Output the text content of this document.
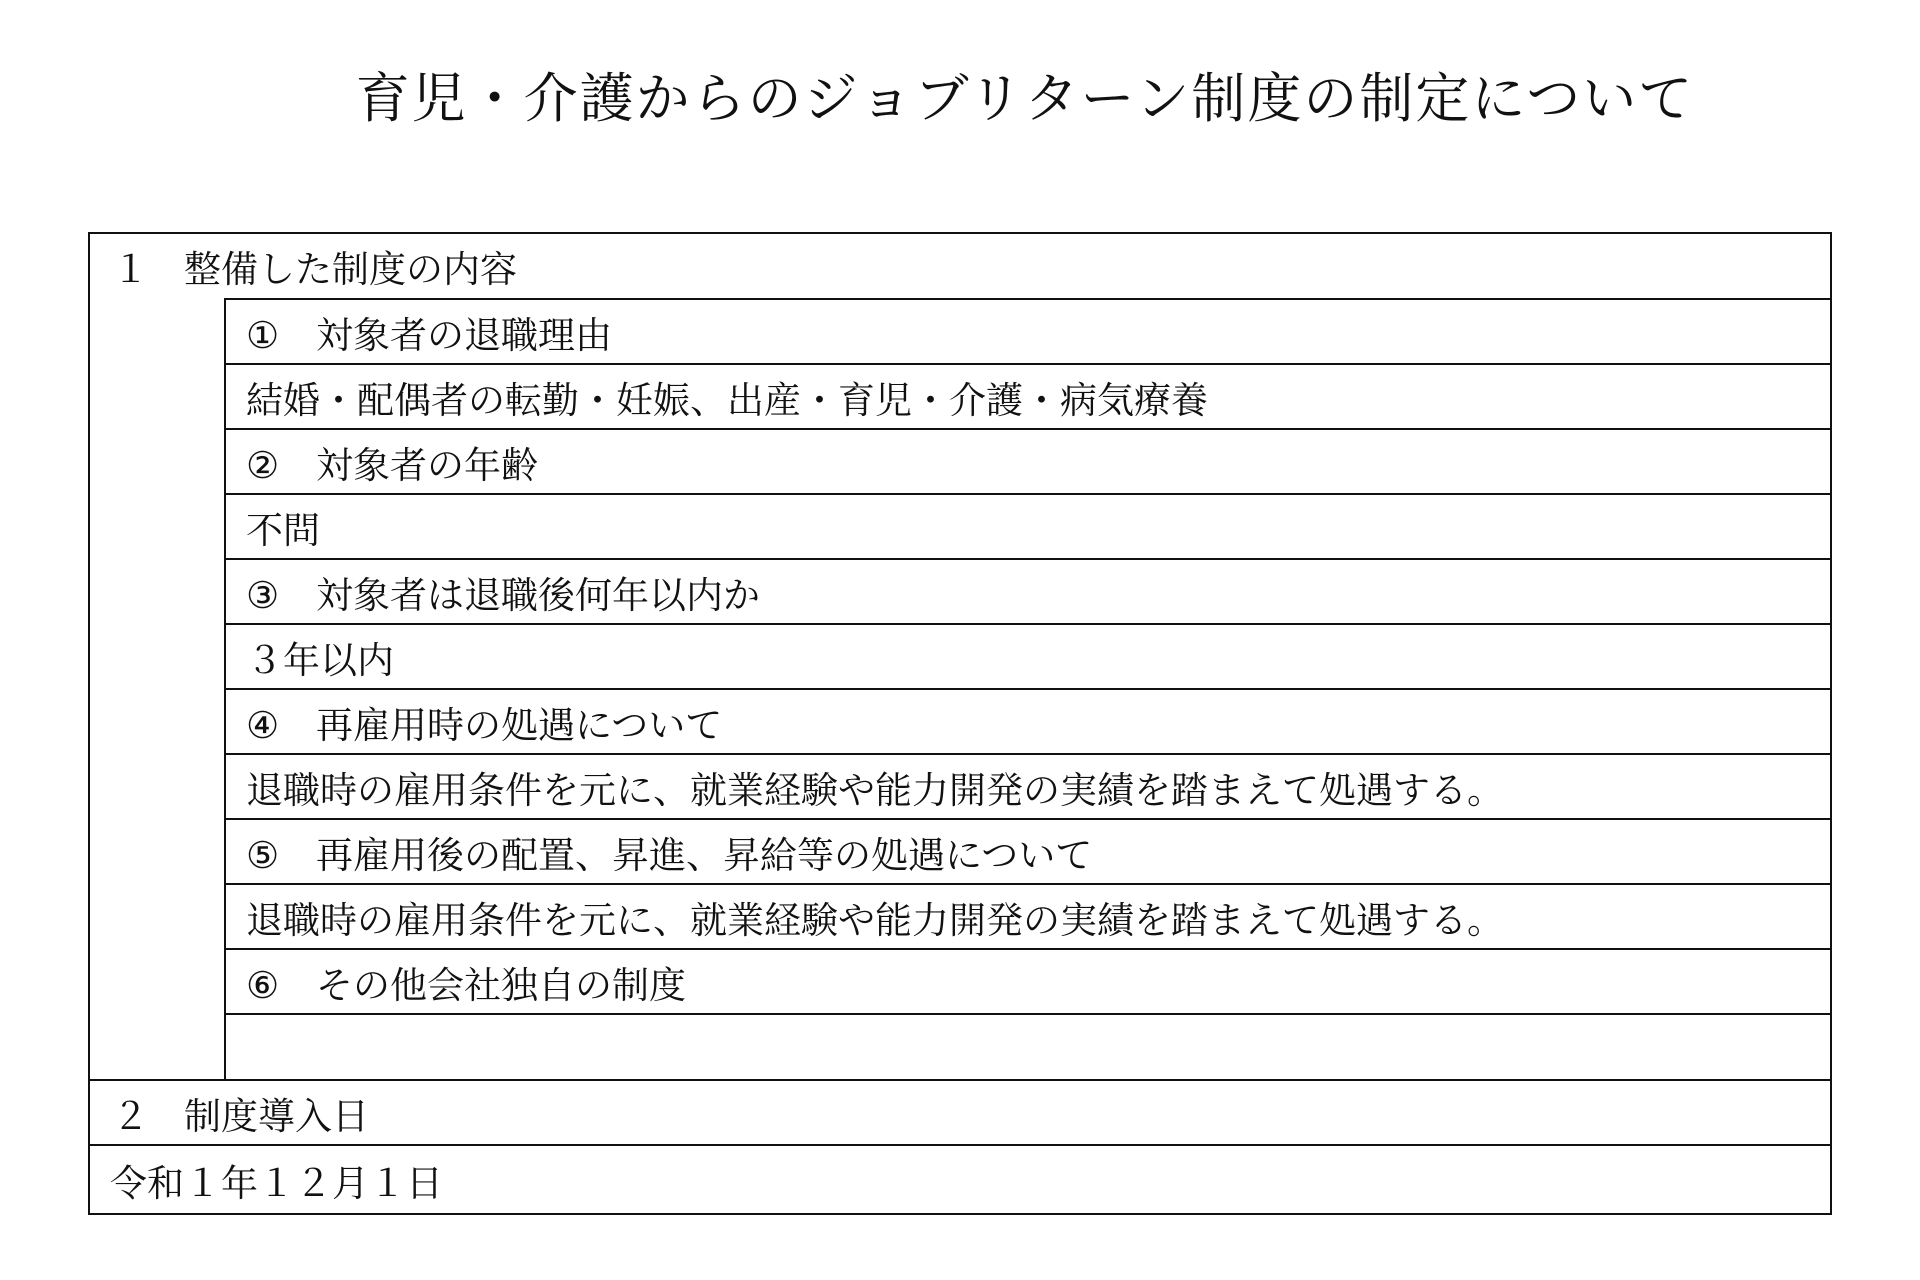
育児・介護からのジョブリターン制度の制定について
１ 整備した制度の内容
① 対象者の退職理由
結婚・配偶者の転勤・妊娠、出産・育児・介護・病気療養
② 対象者の年齢
不問
③ 対象者は退職後何年以内か
３年以内
④ 再雇用時の処遇について
退職時の雇用条件を元に、就業経験や能力開発の実績を踏まえて処遇する。
⑤ 再雇用後の配置、昇進、昇給等の処遇について
退職時の雇用条件を元に、就業経験や能力開発の実績を踏まえて処遇する。
⑥ その他会社独自の制度
２ 制度導入日
令和１年１２月１日
